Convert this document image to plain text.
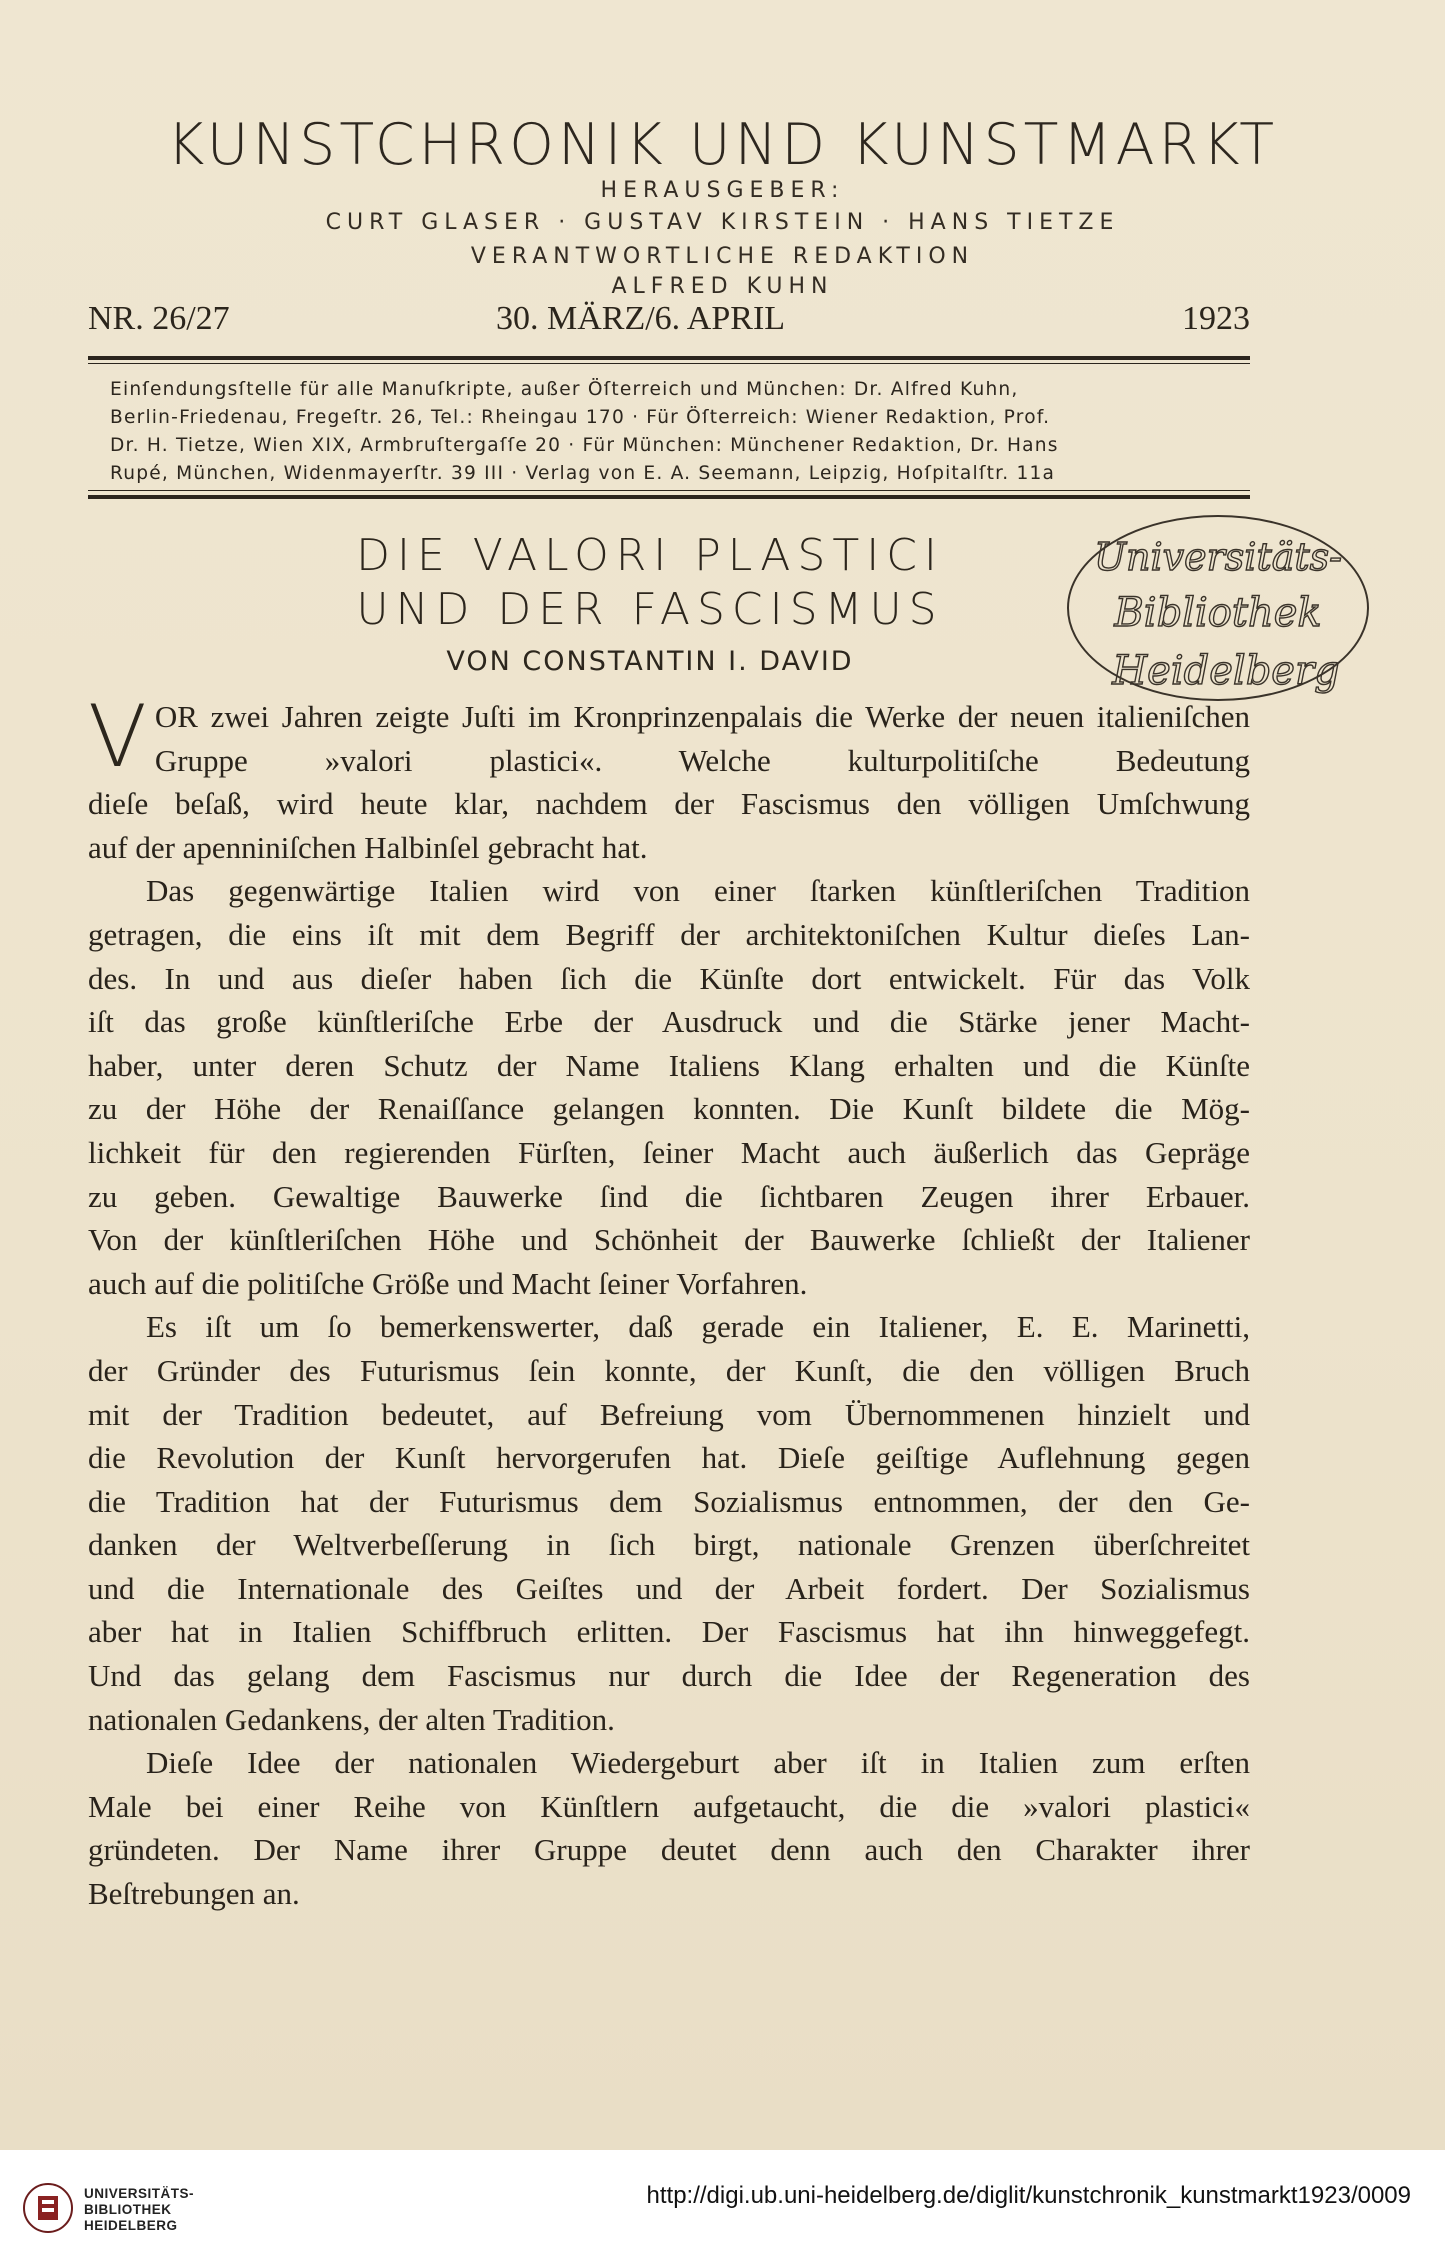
KUNSTCHRONIK UND KUNSTMARKT
HERAUSGEBER:
CURT GLASER · GUSTAV KIRSTEIN · HANS TIETZE
VERANTWORTLICHE REDAKTION
ALFRED KUHN
NR. 26/27	30. MÄRZ/6. APRIL	1923
Einſendungsſtelle für alle Manuſkripte, außer Öſterreich und München: Dr. Alfred Kuhn,
Berlin-Friedenau, Fregeſtr. 26, Tel.: Rheingau 170 · Für Öſterreich: Wiener Redaktion, Prof.
Dr. H. Tietze, Wien XIX, Armbruſtergaſſe 20 · Für München: Münchener Redaktion, Dr. Hans
Rupé, München, Widenmayerſtr. 39 III · Verlag von E. A. Seemann, Leipzig, Hoſpitalſtr. 11a
DIE VALORI PLASTICI
UND DER FASCISMUS
VON CONSTANTIN I. DAVID
Universitäts-
Bibliothek
Heidelberg
V OR zwei Jahren zeigte Juſti im Kronprinzenpalais die Werke der neuen italieniſchen Gruppe »valori plastici«. Welche kulturpolitiſche Bedeutung

dieſe beſaß, wird heute klar, nachdem der Fascismus den völligen Umſchwung

auf der apenniniſchen Halbinſel gebracht hat.

Das gegenwärtige Italien wird von einer ſtarken künſtleriſchen Tradition

getragen, die eins iſt mit dem Begriff der architektoniſchen Kultur dieſes Lan-

des. In und aus dieſer haben ſich die Künſte dort entwickelt. Für das Volk

iſt das große künſtleriſche Erbe der Ausdruck und die Stärke jener Macht-

haber, unter deren Schutz der Name Italiens Klang erhalten und die Künſte

zu der Höhe der Renaiſſance gelangen konnten. Die Kunſt bildete die Mög-

lichkeit für den regierenden Fürſten, ſeiner Macht auch äußerlich das Gepräge

zu geben. Gewaltige Bauwerke ſind die ſichtbaren Zeugen ihrer Erbauer.

Von der künſtleriſchen Höhe und Schönheit der Bauwerke ſchließt der Italiener

auch auf die politiſche Größe und Macht ſeiner Vorfahren.

Es iſt um ſo bemerkenswerter, daß gerade ein Italiener, E. E. Marinetti,

der Gründer des Futurismus ſein konnte, der Kunſt, die den völligen Bruch

mit der Tradition bedeutet, auf Befreiung vom Übernommenen hinzielt und

die Revolution der Kunſt hervorgerufen hat. Dieſe geiſtige Auflehnung gegen

die Tradition hat der Futurismus dem Sozialismus entnommen, der den Ge-

danken der Weltverbeſſerung in ſich birgt, nationale Grenzen überſchreitet

und die Internationale des Geiſtes und der Arbeit fordert. Der Sozialismus

aber hat in Italien Schiffbruch erlitten. Der Fascismus hat ihn hinweggefegt.

Und das gelang dem Fascismus nur durch die Idee der Regeneration des

nationalen Gedankens, der alten Tradition.

Dieſe Idee der nationalen Wiedergeburt aber iſt in Italien zum erſten

Male bei einer Reihe von Künſtlern aufgetaucht, die die »valori plastici«

gründeten. Der Name ihrer Gruppe deutet denn auch den Charakter ihrer

Beſtrebungen an.

UNIVERSITÄTS-
BIBLIOTHEK
HEIDELBERG
http://digi.ub.uni-heidelberg.de/diglit/kunstchronik_kunstmarkt1923/0009
